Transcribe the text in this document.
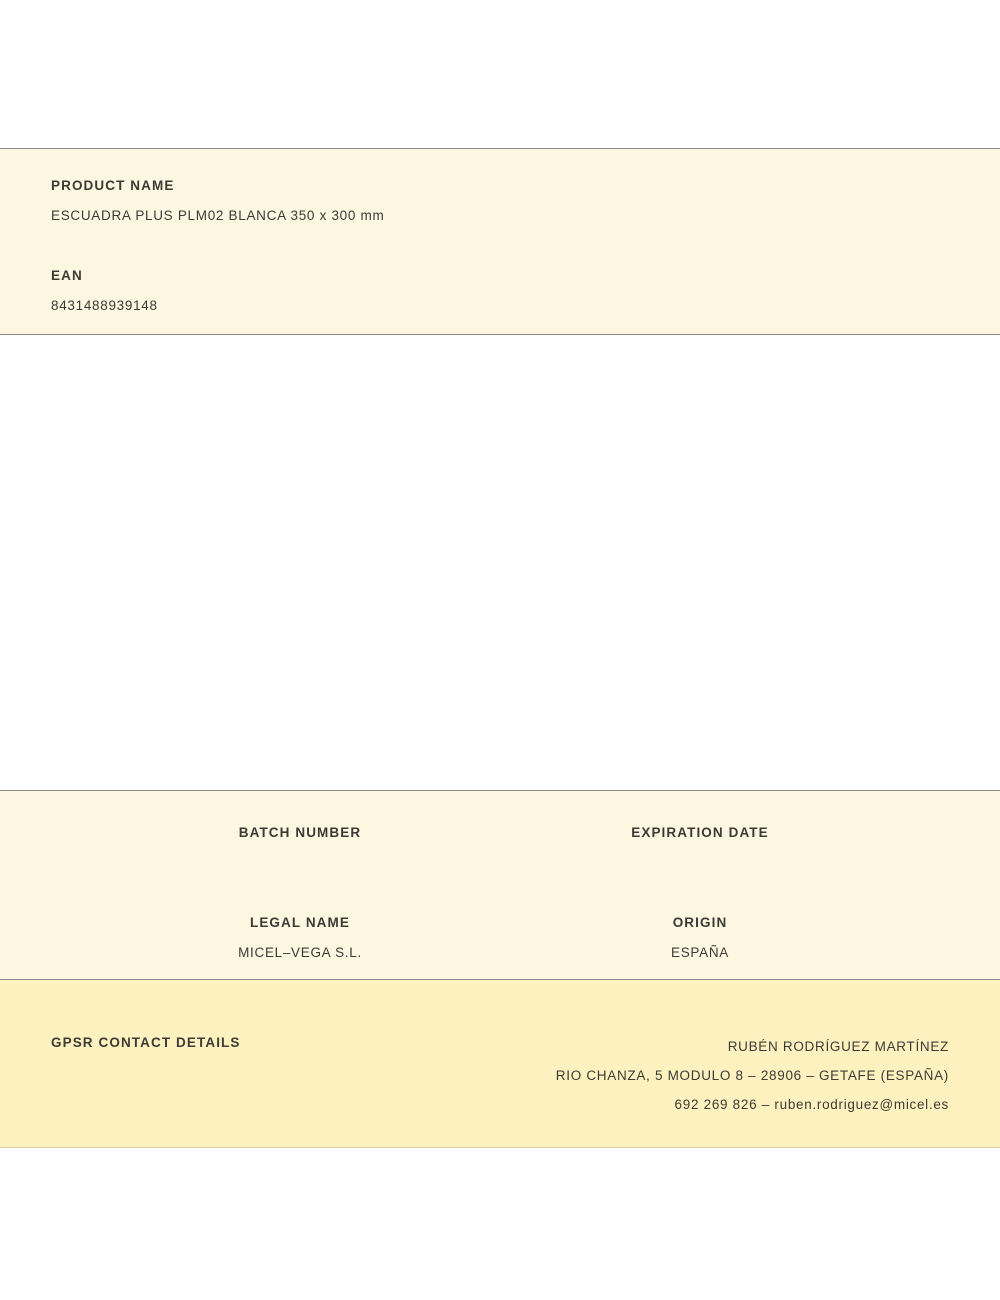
PRODUCT NAME
ESCUADRA PLUS PLM02 BLANCA 350 x 300 mm
EAN
8431488939148
BATCH NUMBER	EXPIRATION DATE
LEGAL NAME	ORIGIN
MICEL–VEGA S.L.	ESPAÑA
GPSR CONTACT DETAILS	RUBÉN RODRÍGUEZ MARTÍNEZ
RIO CHANZA, 5 MODULO 8 – 28906 – GETAFE (ESPAÑA)
692 269 826 – ruben.rodriguez@micel.es
